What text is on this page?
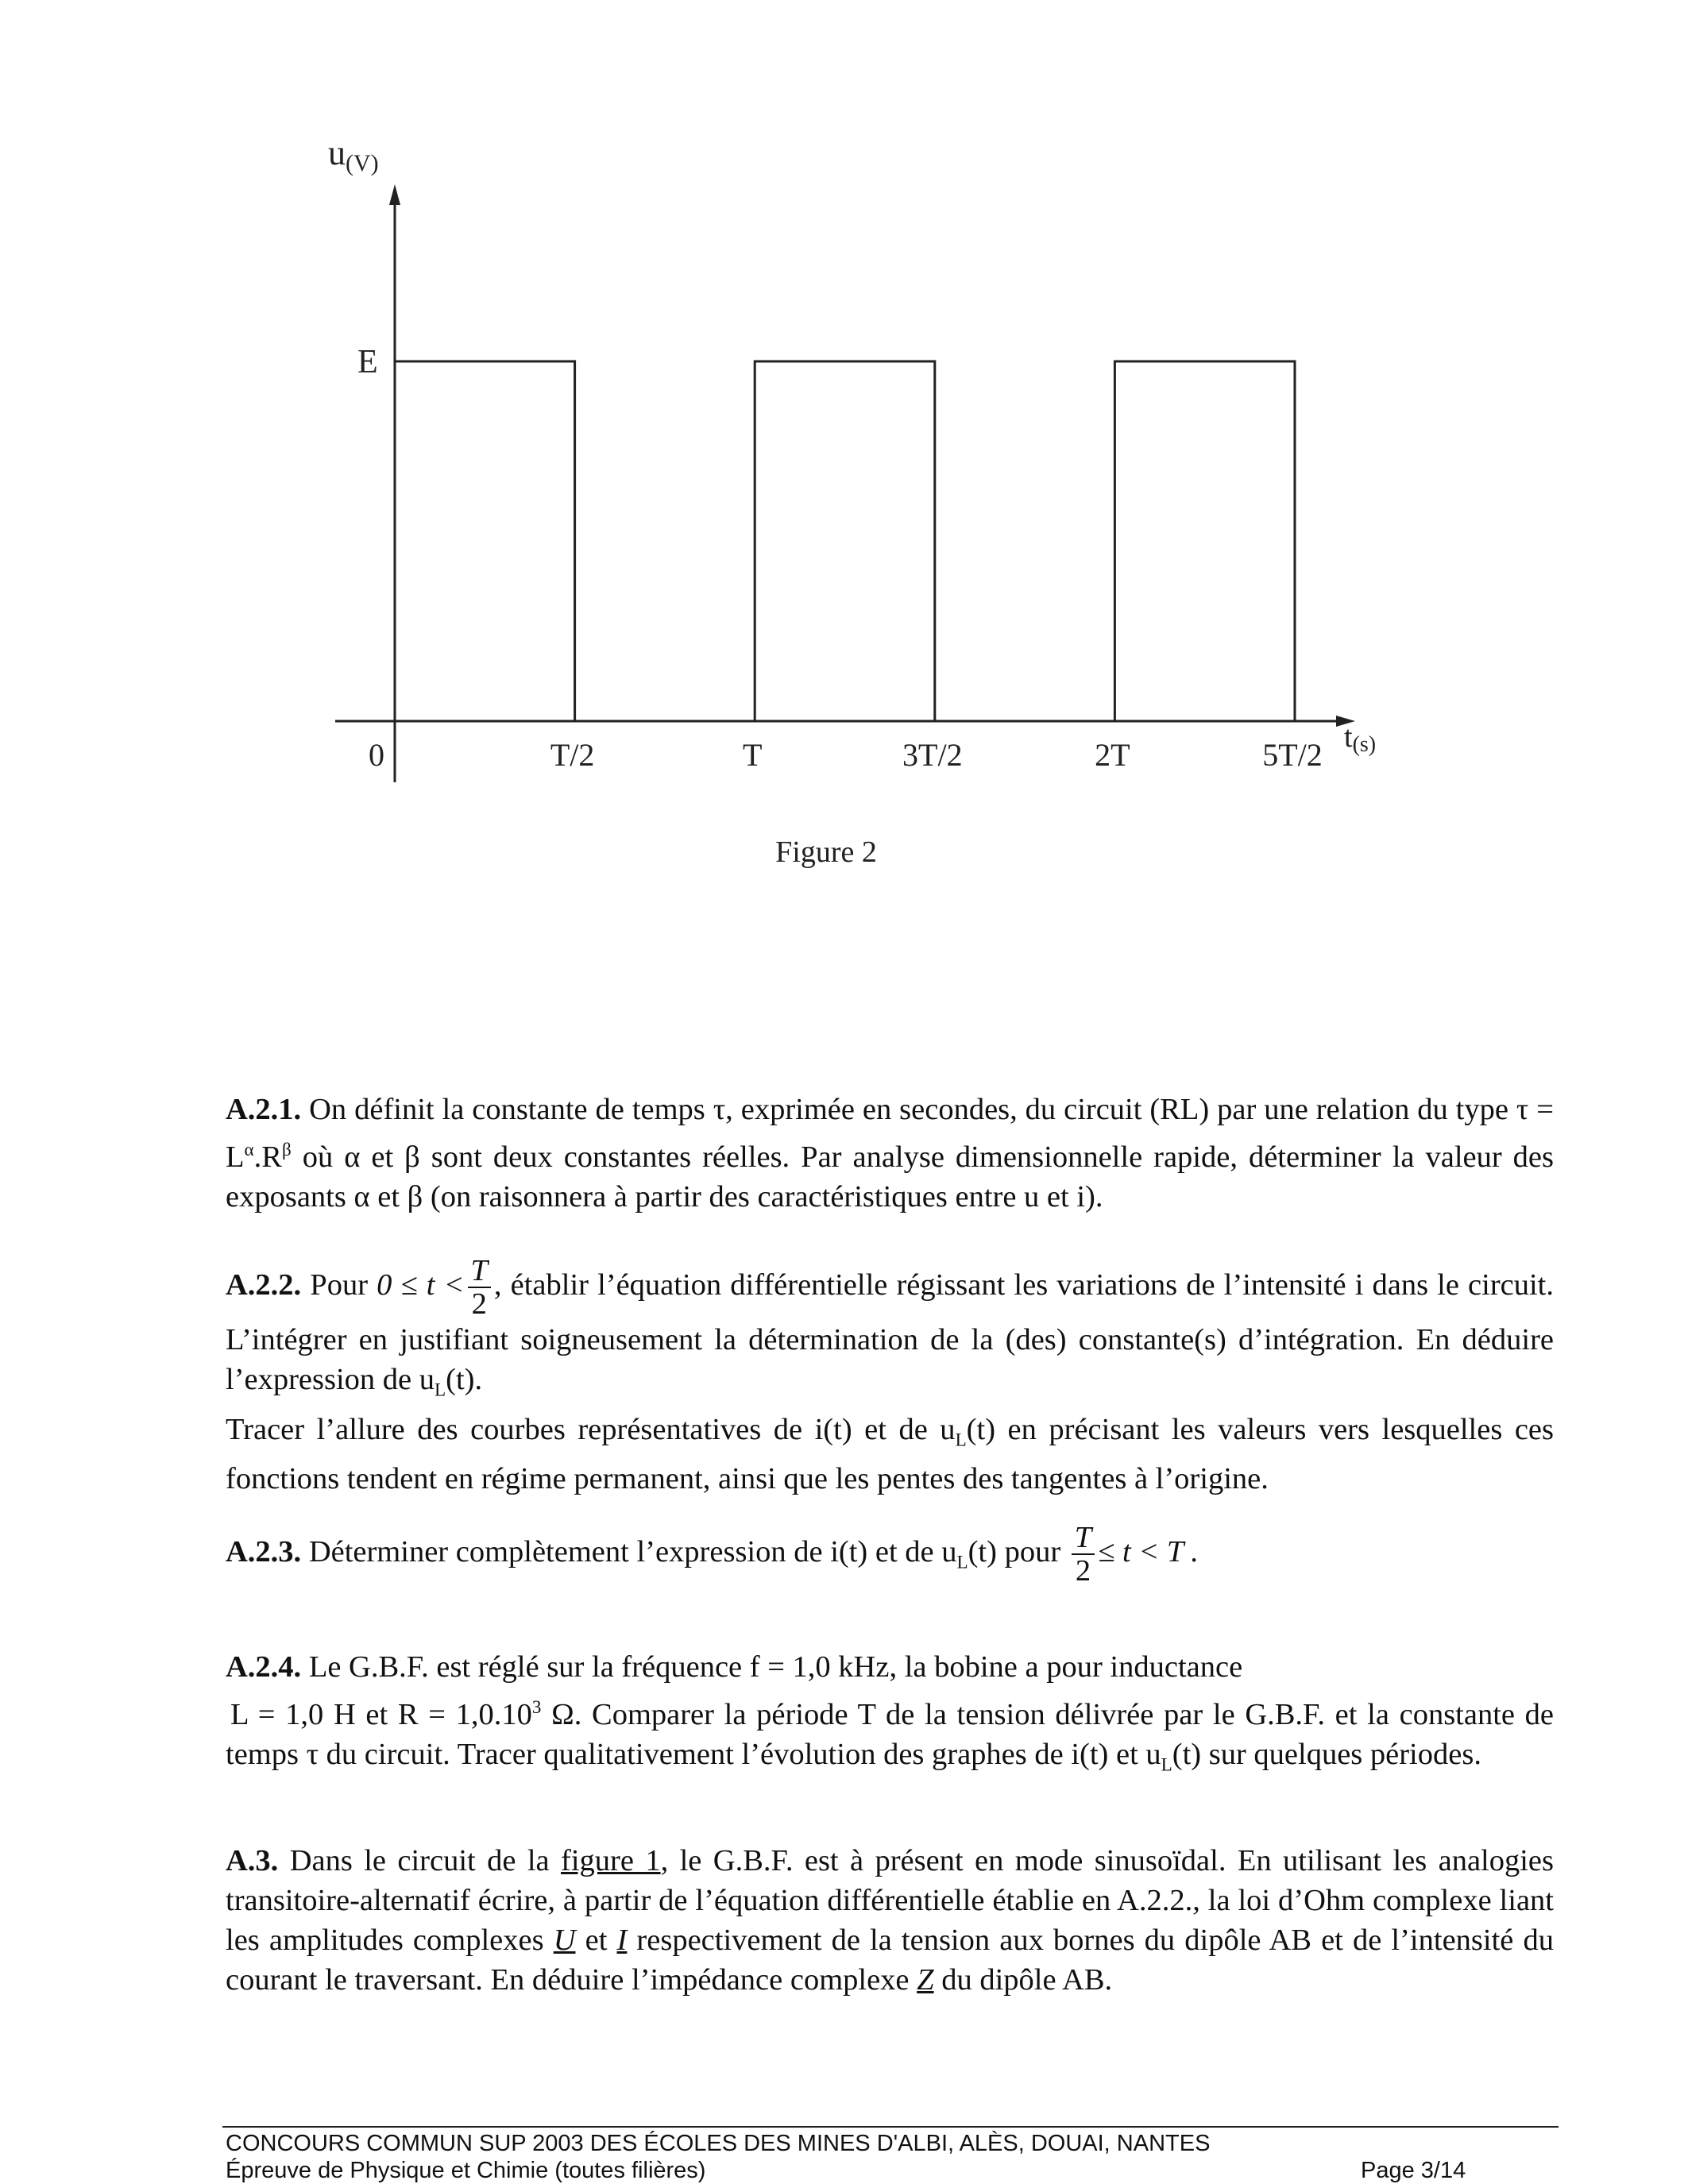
u(V)
t(s)
E
0	T/2	T	3T/2	2T	5T/2
Figure 2
A.2.1. On définit la constante de temps τ, exprimée en secondes, du circuit (RL) par une relation du type $\tau = L^\alpha.R^\beta$ où α et β sont deux constantes réelles. Par analyse dimensionnelle rapide, déterminer la valeur des exposants α et β (on raisonnera à partir des caractéristiques entre u et i).
A.2.2. Pour $0 \le t < \frac{T}{2}$ , établir l’équation différentielle régissant les variations de l’intensité i dans le circuit. L’intégrer en justifiant soigneusement la détermination de la (des) constante(s) d’intégration. En déduire l’expression de $u_L(t)$.
Tracer l’allure des courbes représentatives de i(t) et de $u_L(t)$ en précisant les valeurs vers lesquelles ces fonctions tendent en régime permanent, ainsi que les pentes des tangentes à l’origine.
A.2.3. Déterminer complètement l’expression de i(t) et de $u_L(t)$ pour $\frac{T}{2} \le t < T$ .
A.2.4. Le G.B.F. est réglé sur la fréquence f = 1,0 kHz, la bobine a pour inductance
L = 1,0 H et $R = 1,0.10^3$ Ω. Comparer la période T de la tension délivrée par le G.B.F. et la constante de temps τ du circuit. Tracer qualitativement l’évolution des graphes de i(t) et $u_L(t)$ sur quelques périodes.
A.3. Dans le circuit de la figure 1, le G.B.F. est à présent en mode sinusoïdal. En utilisant les analogies transitoire-alternatif écrire, à partir de l’équation différentielle établie en A.2.2., la loi d’Ohm complexe liant les amplitudes complexes U et I respectivement de la tension aux bornes du dipôle AB et de l’intensité du courant le traversant. En déduire l’impédance complexe Z du dipôle AB.
CONCOURS COMMUN SUP 2003 DES ÉCOLES DES MINES D'ALBI, ALÈS, DOUAI, NANTES
Épreuve de Physique et Chimie (toutes filières)	Page 3/14
